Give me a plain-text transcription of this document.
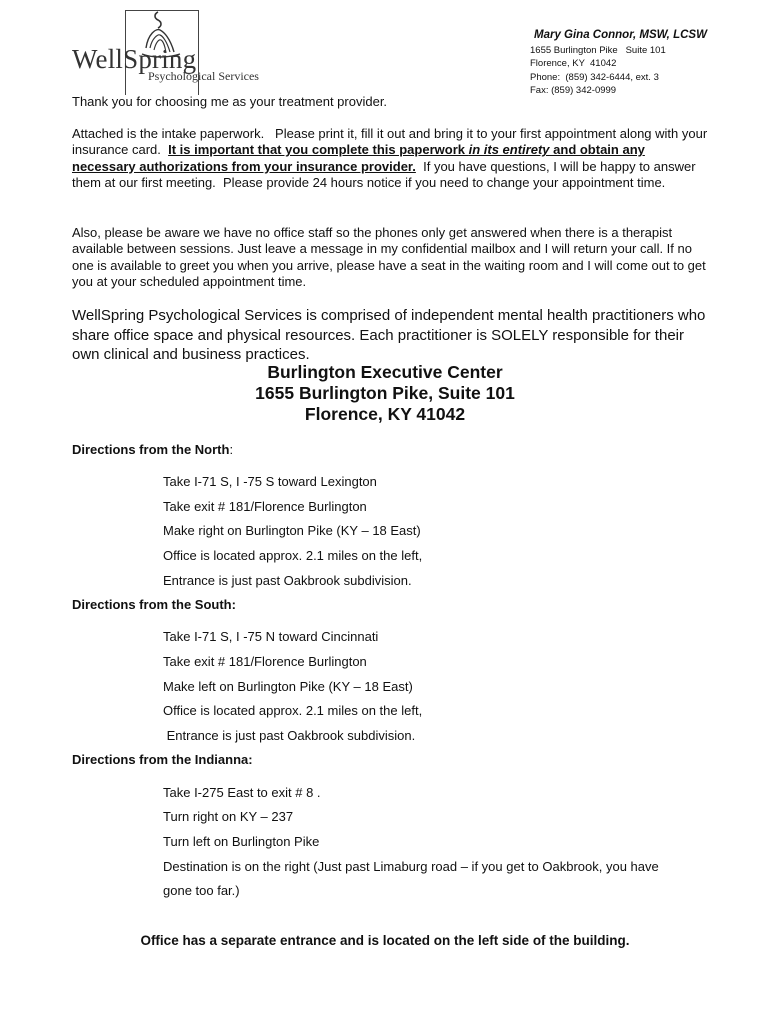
WellSpring
Psychological Services
Mary Gina Connor, MSW, LCSW
1655 Burlington Pike   Suite 101
Florence, KY  41042
Phone:  (859) 342-6444, ext. 3
Fax: (859) 342-0999
Thank you for choosing me as your treatment provider.
Attached is the intake paperwork.   Please print it, fill it out and bring it to your first appointment along with your insurance card.  It is important that you complete this paperwork in its entirety and obtain any necessary authorizations from your insurance provider.  If you have questions, I will be happy to answer them at our first meeting.  Please provide 24 hours notice if you need to change your appointment time.
Also, please be aware we have no office staff so the phones only get answered when there is a therapist available between sessions. Just leave a message in my confidential mailbox and I will return your call. If no one is available to greet you when you arrive, please have a seat in the waiting room and I will come out to get you at your scheduled appointment time.
WellSpring Psychological Services is comprised of independent mental health practitioners who share office space and physical resources. Each practitioner is SOLELY responsible for their own clinical and business practices.
Burlington Executive Center
1655 Burlington Pike, Suite 101
Florence, KY 41042
Directions from the North:
Take I-71 S, I -75 S toward Lexington
Take exit # 181/Florence Burlington
Make right on Burlington Pike (KY – 18 East)
Office is located approx. 2.1 miles on the left,
Entrance is just past Oakbrook subdivision.
Directions from the South:
Take I-71 S, I -75 N toward Cincinnati
Take exit # 181/Florence Burlington
Make left on Burlington Pike (KY – 18 East)
Office is located approx. 2.1 miles on the left,
Entrance is just past Oakbrook subdivision.
Directions from the Indianna:
Take I-275 East to exit # 8 .
Turn right on KY – 237
Turn left on Burlington Pike
Destination is on the right (Just past Limaburg road – if you get to Oakbrook, you have
gone too far.)
Office has a separate entrance and is located on the left side of the building.
